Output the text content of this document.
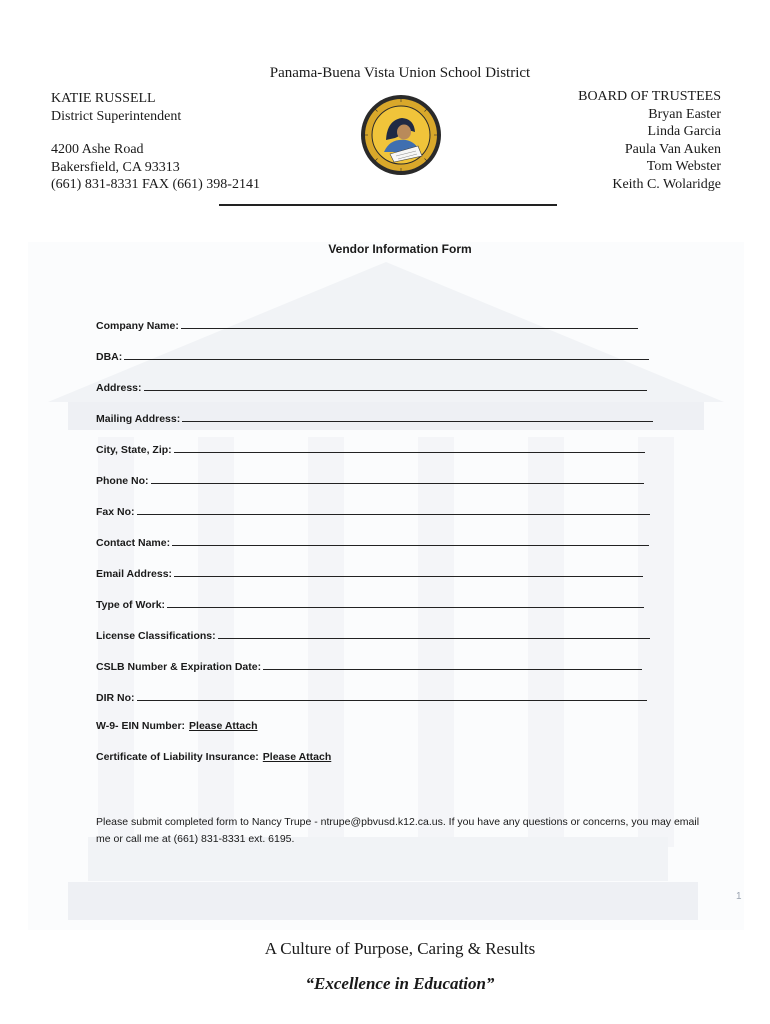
Panama-Buena Vista Union School District
KATIE RUSSELL
District Superintendent
4200 Ashe Road
Bakersfield, CA 93313
(661) 831-8331 FAX (661) 398-2141
BOARD OF TRUSTEES
Bryan Easter
Linda Garcia
Paula Van Auken
Tom Webster
Keith C. Wolaridge
Vendor Information Form
Company Name:
DBA:
Address:
Mailing Address:
City, State, Zip:
Phone No:
Fax No:
Contact Name:
Email Address:
Type of Work:
License Classifications:
CSLB Number & Expiration Date:
DIR No:
W-9- EIN Number: Please Attach
Certificate of Liability Insurance: Please Attach
Please submit completed form to Nancy Trupe - ntrupe@pbvusd.k12.ca.us. If you have any questions or concerns, you may email me or call me at (661) 831-8331 ext. 6195.
1
A Culture of Purpose, Caring & Results
“Excellence in Education”
